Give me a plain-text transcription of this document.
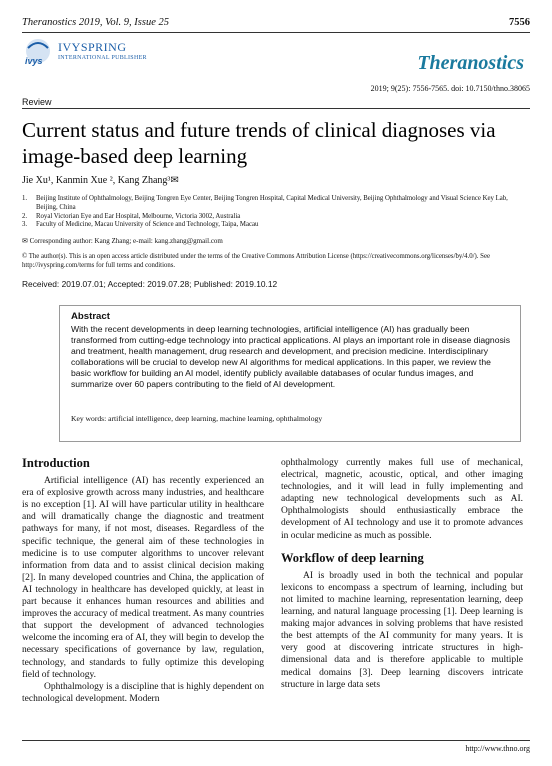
Theranostics 2019, Vol. 9, Issue 25	7556
ivys
IVYSPRING
INTERNATIONAL PUBLISHER	Theranostics
2019; 9(25): 7556-7565. doi: 10.7150/thno.38065
Review
Current status and future trends of clinical diagnoses via image-based deep learning
Jie Xu¹, Kanmin Xue ², Kang Zhang³✉
1.	Beijing Institute of Ophthalmology, Beijing Tongren Eye Center, Beijing Tongren Hospital, Capital Medical University, Beijing Ophthalmology and Visual Science Key Lab, Beijing, China
2.	Royal Victorian Eye and Ear Hospital, Melbourne, Victoria 3002, Australia
3.	Faculty of Medicine, Macau University of Science and Technology, Taipa, Macau
✉ Corresponding author: Kang Zhang; e-mail: kang.zhang@gmail.com
© The author(s). This is an open access article distributed under the terms of the Creative Commons Attribution License (https://creativecommons.org/licenses/by/4.0/). See http://ivyspring.com/terms for full terms and conditions.
Received: 2019.07.01; Accepted: 2019.07.28; Published: 2019.10.12
Abstract
With the recent developments in deep learning technologies, artificial intelligence (AI) has gradually been transformed from cutting-edge technology into practical applications. AI plays an important role in disease diagnosis and treatment, health management, drug research and development, and precision medicine. Interdisciplinary collaborations will be crucial to develop new AI algorithms for medical applications. In this paper, we review the basic workflow for building an AI model, identify publicly available databases of ocular fundus images, and summarize over 60 papers contributing to the field of AI development.
Key words: artificial intelligence, deep learning, machine learning, ophthalmology
Introduction

Artificial intelligence (AI) has recently experienced an era of explosive growth across many industries, and healthcare is no exception [1]. AI will have particular utility in healthcare and will dramatically change the diagnostic and treatment pathways for many, if not most, diseases. Regardless of the specific technique, the general aim of these technologies in medicine is to use computer algorithms to uncover relevant information from data and to assist clinical decision making [2]. In many developed countries and China, the application of AI technology in healthcare has developed quickly, at least in part because it enhances human resources and abilities and improves the accuracy of medical treatment. As many countries that support the development of advanced technologies welcome the incoming era of AI, they will begin to develop the necessary specifications of governance by law, regulation, technology, and standards to fully optimize this developing field of technology.

Ophthalmology is a discipline that is highly dependent on technological development. Modern

ophthalmology currently makes full use of mechanical, electrical, magnetic, acoustic, optical, and other imaging technologies, and it will lead in fully implementing and adapting new technological developments such as AI. Ophthalmologists should enthusiastically embrace the development of AI technology and use it to promote advances in ocular medicine as much as possible.

Workflow of deep learning

AI is broadly used in both the technical and popular lexicons to encompass a spectrum of learning, including but not limited to machine learning, representation learning, deep learning, and natural language processing [1]. Deep learning is making major advances in solving problems that have resisted the best attempts of the AI community for many years. It is very good at discovering intricate structures in high-dimensional data and is therefore applicable to multiple medical domains [3]. Deep learning discovers intricate structure in large data sets

http://www.thno.org
